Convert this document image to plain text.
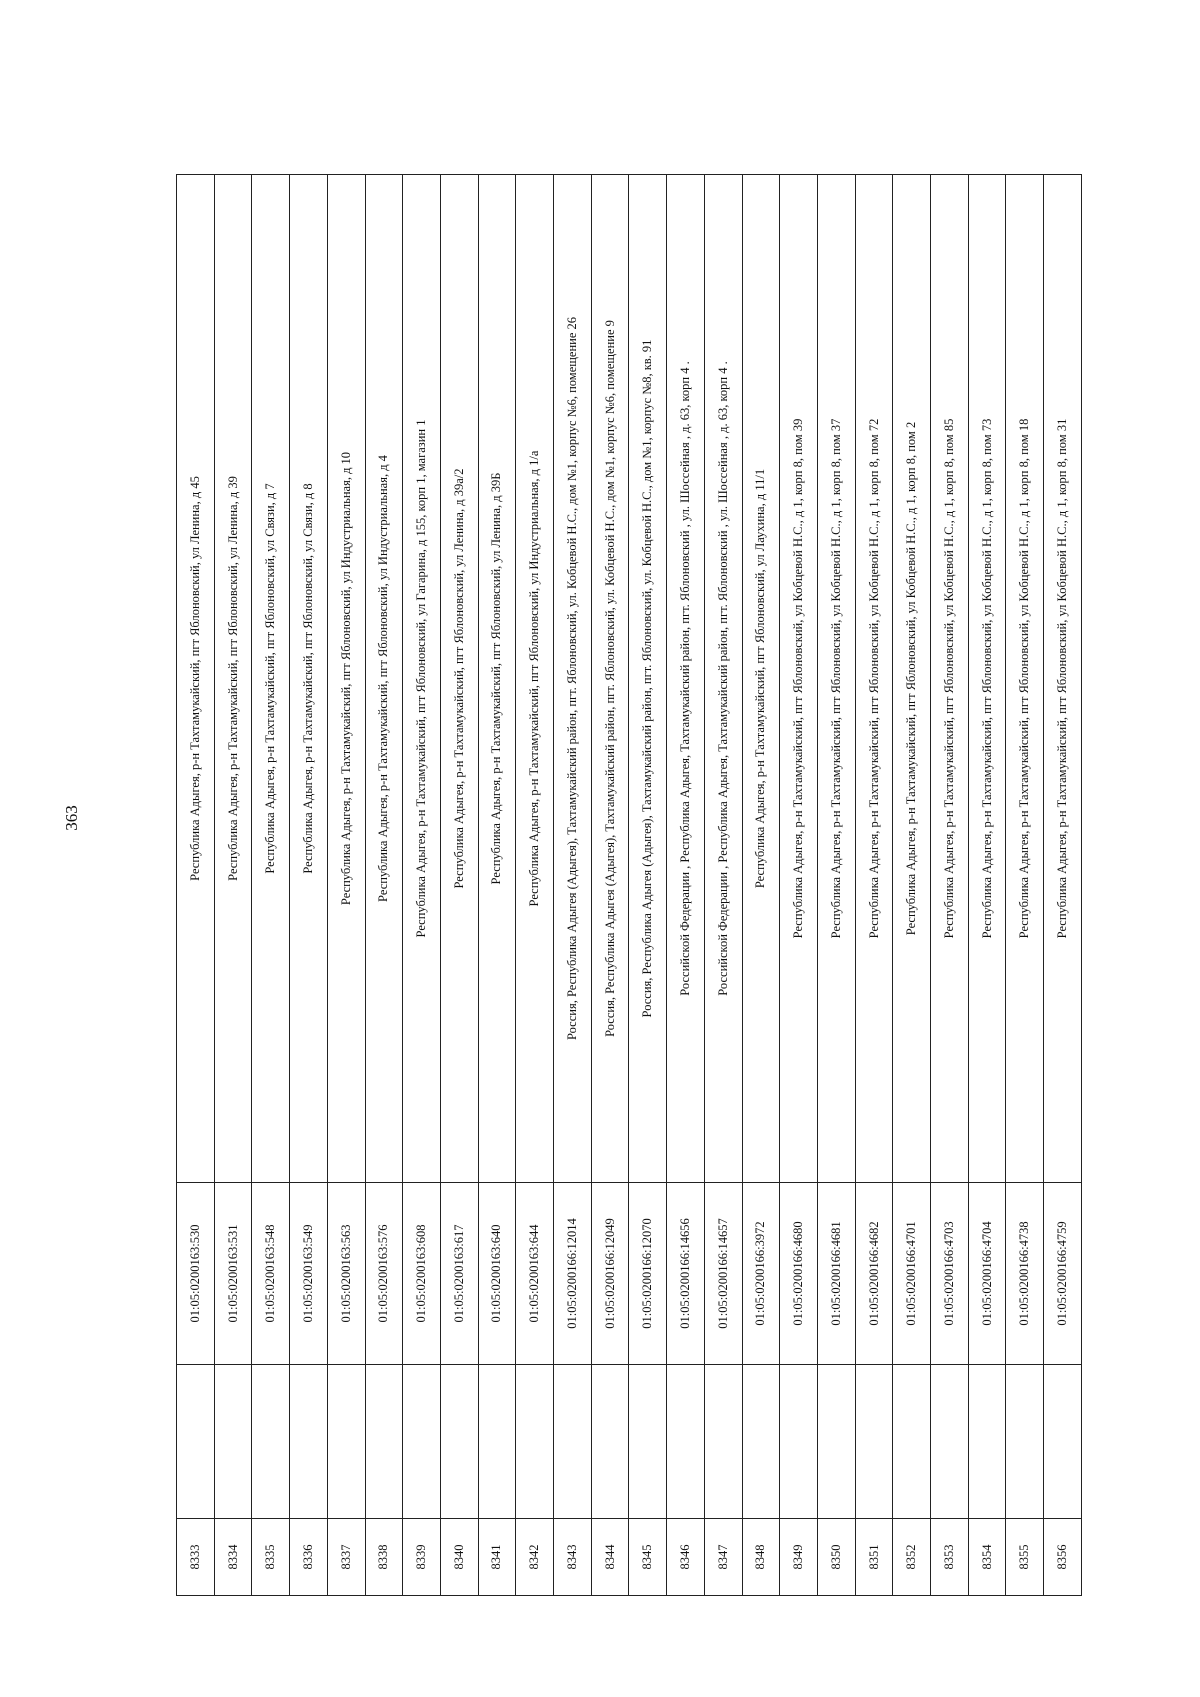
363
8333		01:05:0200163:530	Республика Адыгея, р-н Тахтамукайский, пгт Яблоновский, ул Ленина, д 45
8334		01:05:0200163:531	Республика Адыгея, р-н Тахтамукайский, пгт Яблоновский, ул Ленина, д 39
8335		01:05:0200163:548	Республика Адыгея, р-н Тахтамукайский, пгт Яблоновский, ул Связи, д 7
8336		01:05:0200163:549	Республика Адыгея, р-н Тахтамукайский, пгт Яблоновский, ул Связи, д 8
8337		01:05:0200163:563	Республика Адыгея, р-н Тахтамукайский, пгт Яблоновский, ул Индустриальная, д 10
8338		01:05:0200163:576	Республика Адыгея, р-н Тахтамукайский, пгт Яблоновский, ул Индустриальная, д 4
8339		01:05:0200163:608	Республика Адыгея, р-н Тахтамукайский, пгт Яблоновский, ул Гагарина, д 155, корп 1, магазин 1
8340		01:05:0200163:617	Республика Адыгея, р-н Тахтамукайский, пгт Яблоновский, ул Ленина, д 39а/2
8341		01:05:0200163:640	Республика Адыгея, р-н Тахтамукайский, пгт Яблоновский, ул Ленина, д 39Б
8342		01:05:0200163:644	Республика Адыгея, р-н Тахтамукайский, пгт Яблоновский, ул Индустриальная, д 1/а
8343		01:05:0200166:12014	Россия, Республика Адыгея (Адыгея), Тахтамукайский район, пгт. Яблоновский, ул. Кобцевой Н.С., дом №1, корпус №6, помещение 26
8344		01:05:0200166:12049	Россия, Республика Адыгея (Адыгея), Тахтамукайский район, пгт. Яблоновский, ул. Кобцевой Н.С., дом №1, корпус №6, помещение 9
8345		01:05:0200166:12070	Россия, Республика Адыгея (Адыгея), Тахтамукайский район, пгт. Яблоновский, ул. Кобцевой Н.С., дом №1, корпус №8, кв. 91
8346		01:05:0200166:14656	Российской Федерации , Республика Адыгея, Тахтамукайский район, пгт. Яблоновский , ул. Шоссейная , д. 63, корп 4 .
8347		01:05:0200166:14657	Российской Федерации , Республика Адыгея, Тахтамукайский район, пгт. Яблоновский , ул. Шоссейная , д. 63, корп 4 .
8348		01:05:0200166:3972	Республика Адыгея, р-н Тахтамукайский, пгт Яблоновский, ул Лаухина, д 11/1
8349		01:05:0200166:4680	Республика Адыгея, р-н Тахтамукайский, пгт Яблоновский, ул Кобцевой Н.С., д 1, корп 8, пом 39
8350		01:05:0200166:4681	Республика Адыгея, р-н Тахтамукайский, пгт Яблоновский, ул Кобцевой Н.С., д 1, корп 8, пом 37
8351		01:05:0200166:4682	Республика Адыгея, р-н Тахтамукайский, пгт Яблоновский, ул Кобцевой Н.С., д 1, корп 8, пом 72
8352		01:05:0200166:4701	Республика Адыгея, р-н Тахтамукайский, пгт Яблоновский, ул Кобцевой Н.С., д 1, корп 8, пом 2
8353		01:05:0200166:4703	Республика Адыгея, р-н Тахтамукайский, пгт Яблоновский, ул Кобцевой Н.С., д 1, корп 8, пом 85
8354		01:05:0200166:4704	Республика Адыгея, р-н Тахтамукайский, пгт Яблоновский, ул Кобцевой Н.С., д 1, корп 8, пом 73
8355		01:05:0200166:4738	Республика Адыгея, р-н Тахтамукайский, пгт Яблоновский, ул Кобцевой Н.С., д 1, корп 8, пом 18
8356		01:05:0200166:4759	Республика Адыгея, р-н Тахтамукайский, пгт Яблоновский, ул Кобцевой Н.С., д 1, корп 8, пом 31
